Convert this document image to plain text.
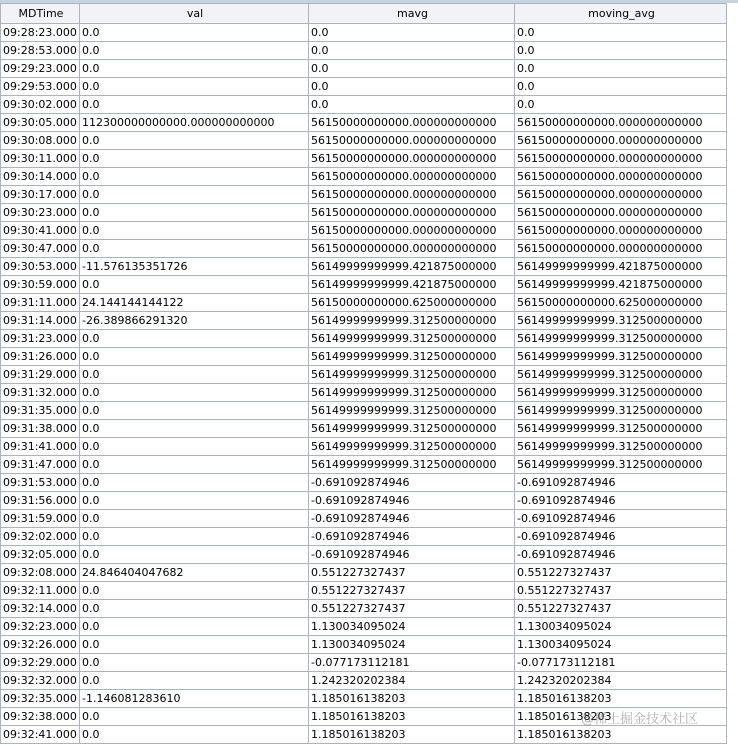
MDTime	val	mavg	moving_avg
09:28:23.000	0.0	0.0	0.0
09:28:53.000	0.0	0.0	0.0
09:29:23.000	0.0	0.0	0.0
09:29:53.000	0.0	0.0	0.0
09:30:02.000	0.0	0.0	0.0
09:30:05.000	112300000000000.000000000000	56150000000000.000000000000	56150000000000.000000000000
09:30:08.000	0.0	56150000000000.000000000000	56150000000000.000000000000
09:30:11.000	0.0	56150000000000.000000000000	56150000000000.000000000000
09:30:14.000	0.0	56150000000000.000000000000	56150000000000.000000000000
09:30:17.000	0.0	56150000000000.000000000000	56150000000000.000000000000
09:30:23.000	0.0	56150000000000.000000000000	56150000000000.000000000000
09:30:41.000	0.0	56150000000000.000000000000	56150000000000.000000000000
09:30:47.000	0.0	56150000000000.000000000000	56150000000000.000000000000
09:30:53.000	-11.576135351726	56149999999999.421875000000	56149999999999.421875000000
09:30:59.000	0.0	56149999999999.421875000000	56149999999999.421875000000
09:31:11.000	24.144144144122	56150000000000.625000000000	56150000000000.625000000000
09:31:14.000	-26.389866291320	56149999999999.312500000000	56149999999999.312500000000
09:31:23.000	0.0	56149999999999.312500000000	56149999999999.312500000000
09:31:26.000	0.0	56149999999999.312500000000	56149999999999.312500000000
09:31:29.000	0.0	56149999999999.312500000000	56149999999999.312500000000
09:31:32.000	0.0	56149999999999.312500000000	56149999999999.312500000000
09:31:35.000	0.0	56149999999999.312500000000	56149999999999.312500000000
09:31:38.000	0.0	56149999999999.312500000000	56149999999999.312500000000
09:31:41.000	0.0	56149999999999.312500000000	56149999999999.312500000000
09:31:47.000	0.0	56149999999999.312500000000	56149999999999.312500000000
09:31:53.000	0.0	-0.691092874946	-0.691092874946
09:31:56.000	0.0	-0.691092874946	-0.691092874946
09:31:59.000	0.0	-0.691092874946	-0.691092874946
09:32:02.000	0.0	-0.691092874946	-0.691092874946
09:32:05.000	0.0	-0.691092874946	-0.691092874946
09:32:08.000	24.846404047682	0.551227327437	0.551227327437
09:32:11.000	0.0	0.551227327437	0.551227327437
09:32:14.000	0.0	0.551227327437	0.551227327437
09:32:23.000	0.0	1.130034095024	1.130034095024
09:32:26.000	0.0	1.130034095024	1.130034095024
09:32:29.000	0.0	-0.077173112181	-0.077173112181
09:32:32.000	0.0	1.242320202384	1.242320202384
09:32:35.000	-1.146081283610	1.185016138203	1.185016138203
09:32:38.000	0.0	1.185016138203	1.185016138203
09:32:41.000	0.0	1.185016138203	1.185016138203
@稀土掘金技术社区
